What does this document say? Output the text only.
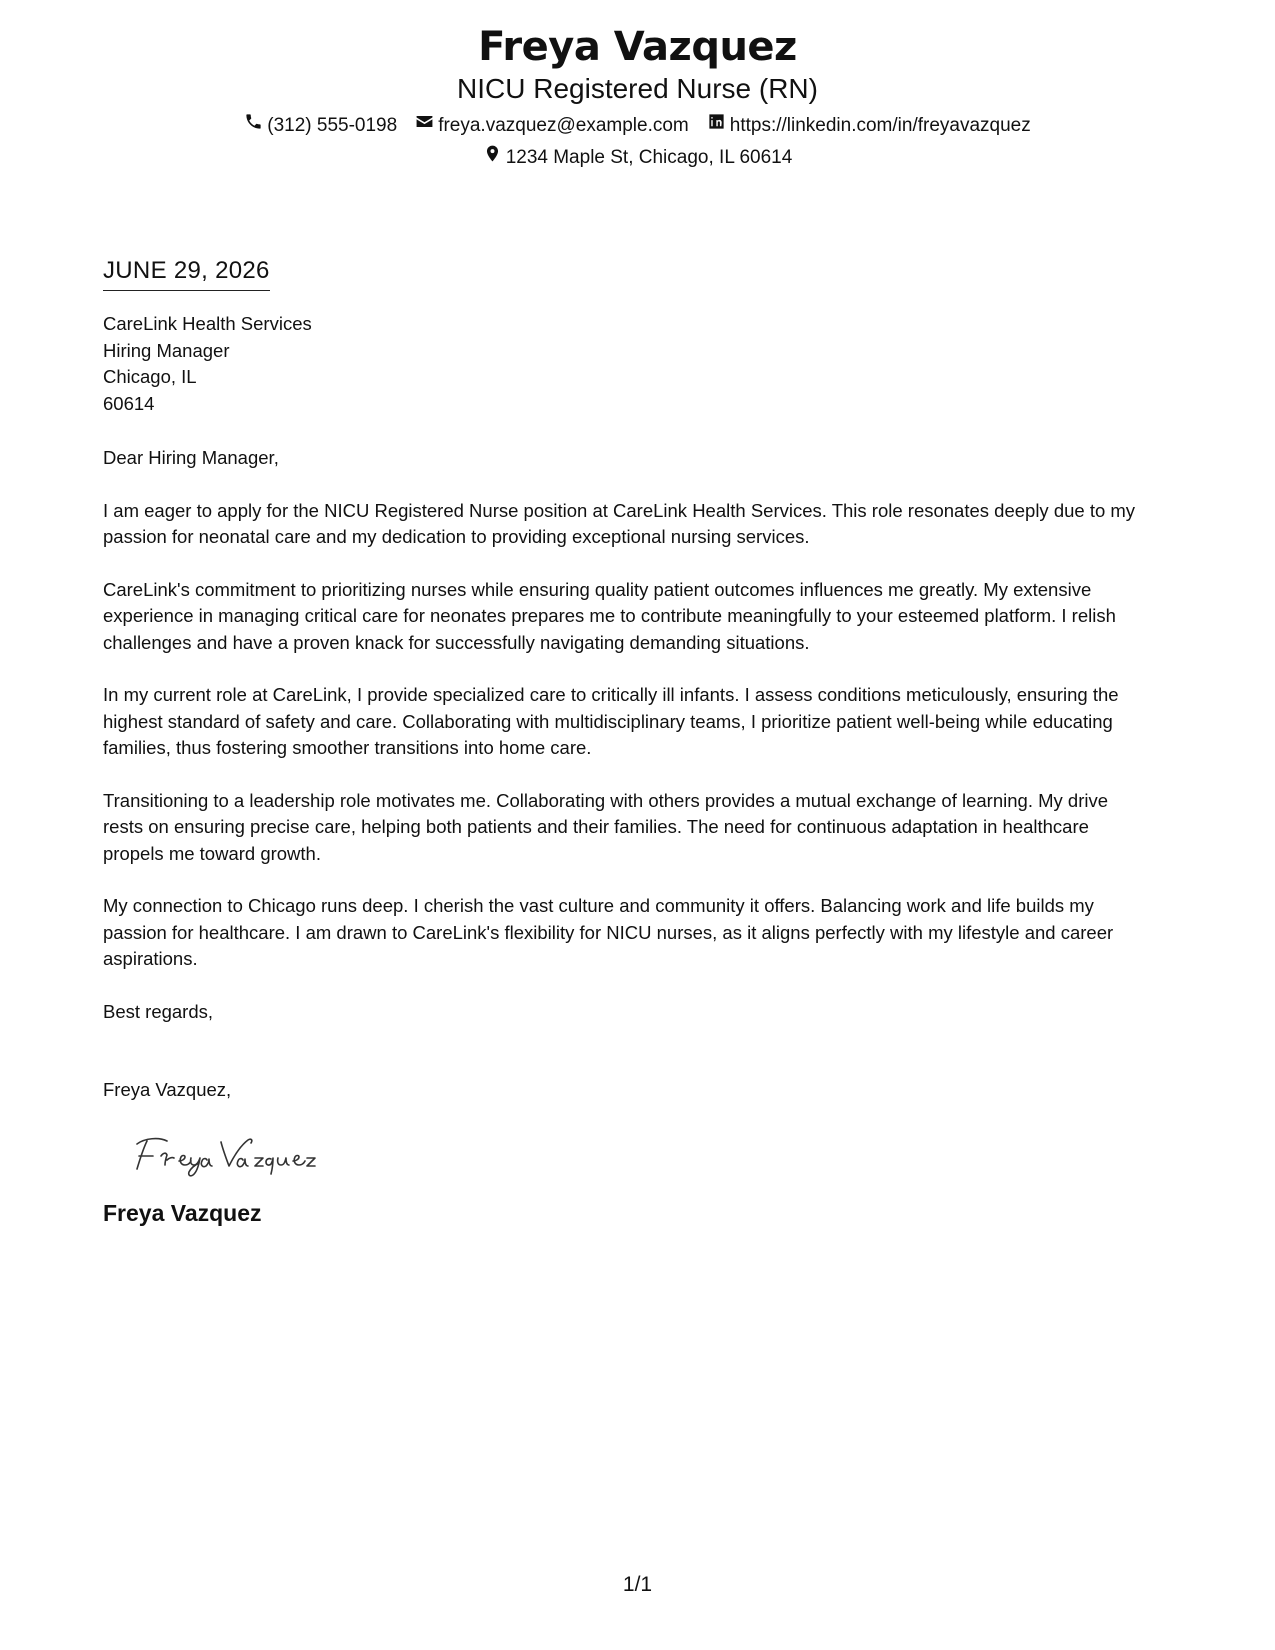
Freya Vazquez
NICU Registered Nurse (RN)
(312) 555-0198 freya.vazquez@example.com https://linkedin.com/in/freyavazquez
1234 Maple St, Chicago, IL 60614
JUNE 29, 2026
CareLink Health Services
Hiring Manager
Chicago, IL
60614
Dear Hiring Manager,
I am eager to apply for the NICU Registered Nurse position at CareLink Health Services. This role resonates deeply due to my passion for neonatal care and my dedication to providing exceptional nursing services.
CareLink's commitment to prioritizing nurses while ensuring quality patient outcomes influences me greatly. My extensive experience in managing critical care for neonates prepares me to contribute meaningfully to your esteemed platform. I relish challenges and have a proven knack for successfully navigating demanding situations.
In my current role at CareLink, I provide specialized care to critically ill infants. I assess conditions meticulously, ensuring the highest standard of safety and care. Collaborating with multidisciplinary teams, I prioritize patient well-being while educating families, thus fostering smoother transitions into home care.
Transitioning to a leadership role motivates me. Collaborating with others provides a mutual exchange of learning. My drive rests on ensuring precise care, helping both patients and their families. The need for continuous adaptation in healthcare propels me toward growth.
My connection to Chicago runs deep. I cherish the vast culture and community it offers. Balancing work and life builds my passion for healthcare. I am drawn to CareLink's flexibility for NICU nurses, as it aligns perfectly with my lifestyle and career aspirations.
Best regards,
Freya Vazquez,
Freya Vazquez
1/1
